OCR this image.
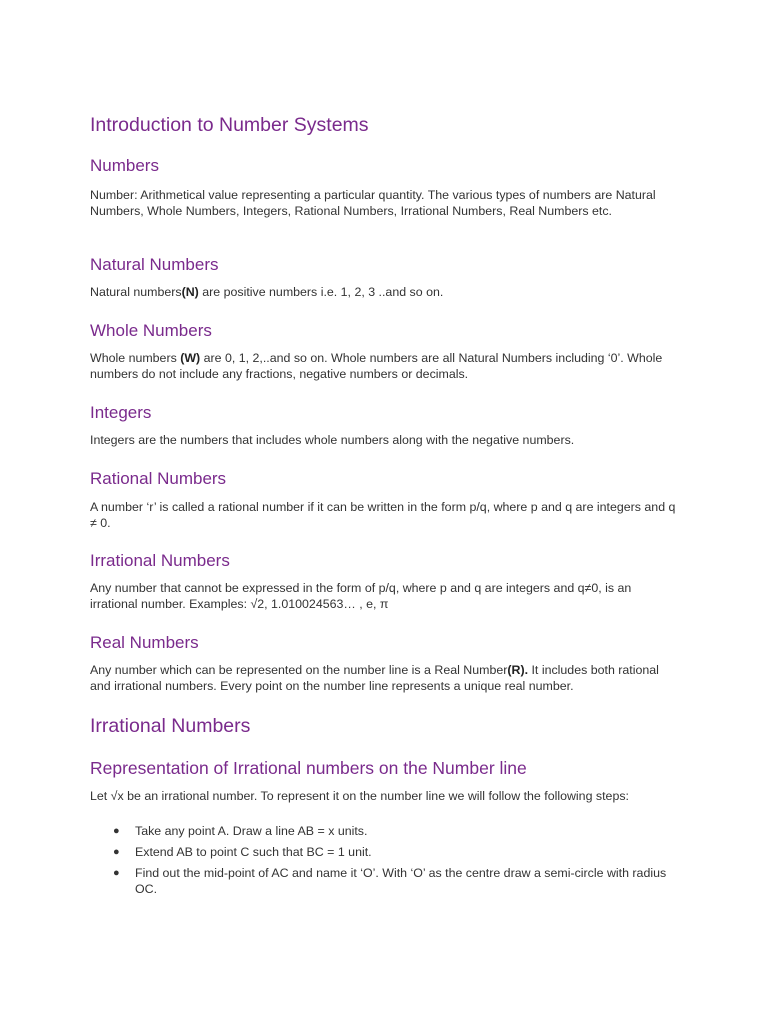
Introduction to Number Systems
Numbers

Number: Arithmetical value representing a particular quantity. The various types of numbers are Natural Numbers, Whole Numbers, Integers, Rational Numbers, Irrational Numbers, Real Numbers etc.

Natural Numbers

Natural numbers(N) are positive numbers i.e. 1, 2, 3 ..and so on.

Whole Numbers

Whole numbers (W) are 0, 1, 2,..and so on. Whole numbers are all Natural Numbers including ‘0’. Whole numbers do not include any fractions, negative numbers or decimals.

Integers

Integers are the numbers that includes whole numbers along with the negative numbers.

Rational Numbers

A number ‘r’ is called a rational number if it can be written in the form p/q, where p and q are integers and q ≠ 0.

Irrational Numbers

Any number that cannot be expressed in the form of p/q, where p and q are integers and q≠0, is an irrational number. Examples: √2, 1.010024563… , e, π

Real Numbers

Any number which can be represented on the number line is a Real Number(R). It includes both rational and irrational numbers. Every point on the number line represents a unique real number.

Irrational Numbers
Representation of Irrational numbers on the Number line

Let √x be an irrational number. To represent it on the number line we will follow the following steps:

● Take any point A. Draw a line AB = x units.
● Extend AB to point C such that BC = 1 unit.
● Find out the mid-point of AC and name it ‘O’. With ‘O’ as the centre draw a semi-circle with radius OC.
